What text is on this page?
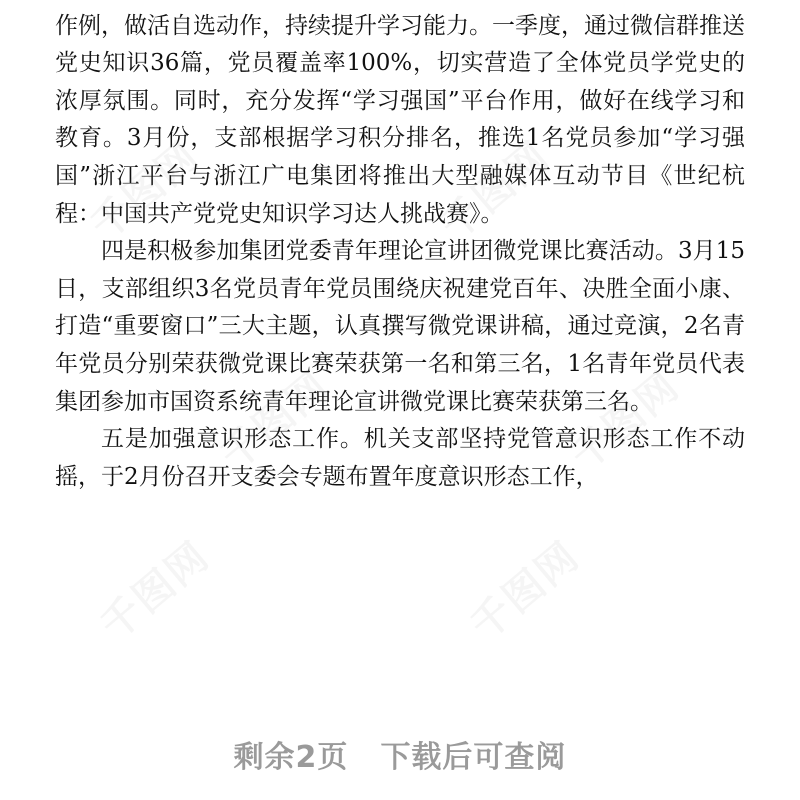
作例，做活自选动作，持续提升学习能力。一季度，通过微信群推送党史知识36篇，党员覆盖率100%，切实营造了全体党员学党史的浓厚氛围。同时，充分发挥“学习强国”平台作用，做好在线学习和教育。3月份，支部根据学习积分排名，推选1名党员参加“学习强国”浙江平台与浙江广电集团将推出大型融媒体互动节目《世纪杭程：中国共产党党史知识学习达人挑战赛》。

四是积极参加集团党委青年理论宣讲团微党课比赛活动。3月15日，支部组织3名党员青年党员围绕庆祝建党百年、决胜全面小康、打造“重要窗口”三大主题，认真撰写微党课讲稿，通过竞演，2名青年党员分别荣获微党课比赛荣获第一名和第三名，1名青年党员代表集团参加市国资系统青年理论宣讲微党课比赛荣获第三名。

五是加强意识形态工作。机关支部坚持党管意识形态工作不动摇，于2月份召开支委会专题布置年度意识形态工作，

千图网	千图网
千图网	千图网
千图网	千图网
剩余2页 下载后可查阅
